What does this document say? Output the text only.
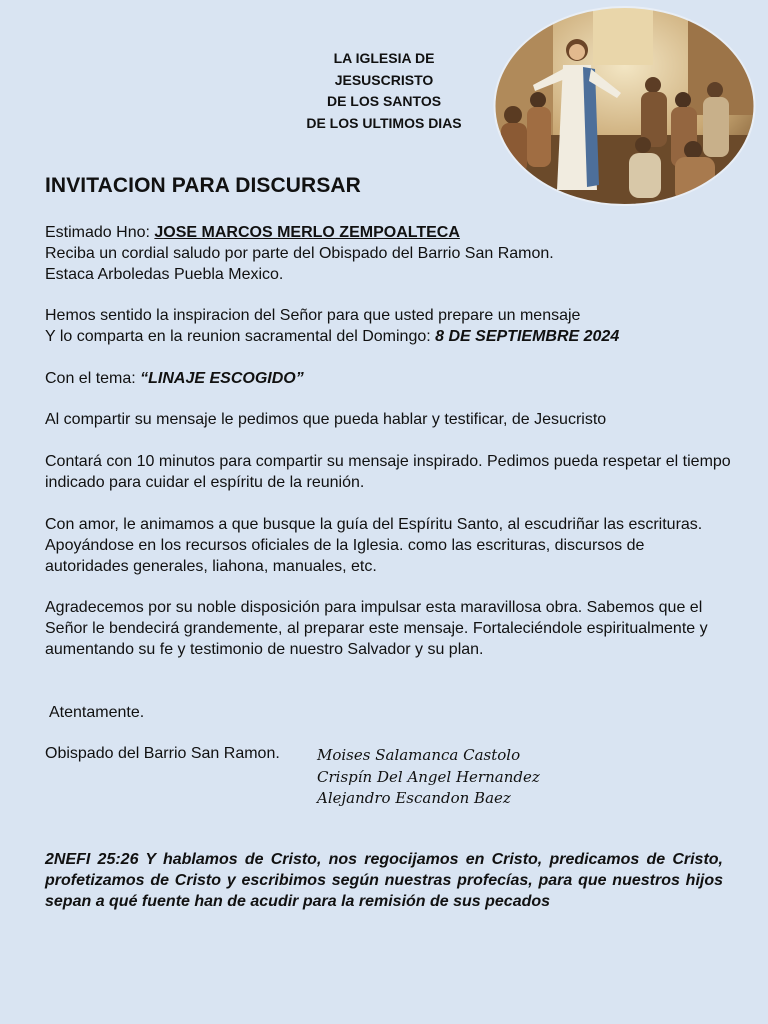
LA IGLESIA DE
JESUSCRISTO
DE LOS SANTOS
DE LOS ULTIMOS DIAS
INVITACION PARA DISCURSAR

Estimado Hno: JOSE MARCOS MERLO ZEMPOALTECA

Reciba un cordial saludo por parte del Obispado del Barrio San Ramon.

Estaca Arboledas Puebla Mexico.

Hemos sentido la inspiracion del Señor para que usted prepare un mensaje

Y lo comparta en la reunion sacramental del Domingo: 8 DE SEPTIEMBRE 2024

Con el tema: “LINAJE ESCOGIDO”

Al compartir su mensaje le pedimos que pueda hablar y testificar, de Jesucristo

Contará con 10 minutos para compartir su mensaje inspirado. Pedimos pueda respetar el tiempo indicado para cuidar el espíritu de la reunión.

Con amor, le animamos a que busque la guía del Espíritu Santo, al escudriñar las escrituras. Apoyándose en los recursos oficiales de la Iglesia. como las escrituras, discursos de autoridades generales, liahona, manuales, etc.

Agradecemos por su noble disposición para impulsar esta maravillosa obra. Sabemos que el Señor le bendecirá grandemente, al preparar este mensaje. Fortaleciéndole espiritualmente y aumentando su fe y testimonio de nuestro Salvador y su plan.

Atentamente.
Obispado del Barrio San Ramon.	Moises Salamanca Castolo
Crispín Del Angel Hernandez
Alejandro Escandon Baez
2NEFI 25:26 Y hablamos de Cristo, nos regocijamos en Cristo, predicamos de Cristo, profetizamos de Cristo y escribimos según nuestras profecías, para que nuestros hijos sepan a qué fuente han de acudir para la remisión de sus pecados
